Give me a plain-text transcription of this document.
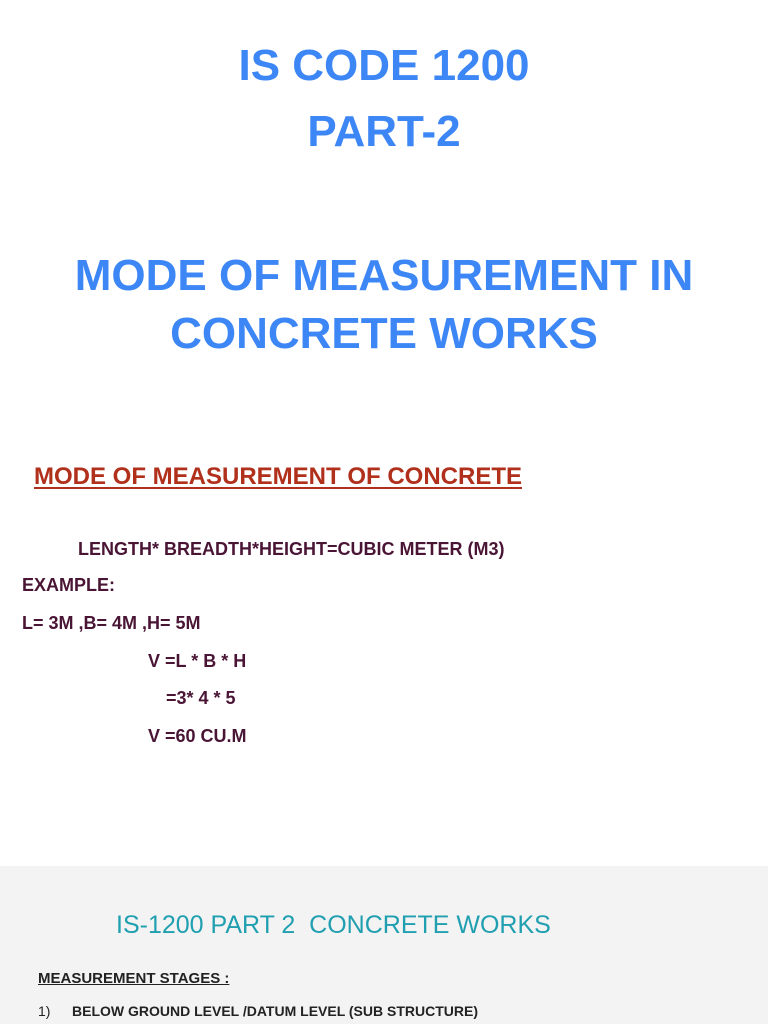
IS CODE 1200
PART-2
MODE OF MEASUREMENT IN
CONCRETE WORKS
MODE OF MEASUREMENT OF CONCRETE

LENGTH* BREADTH*HEIGHT=CUBIC METER (M3)

EXAMPLE:

L= 3M ,B= 4M ,H= 5M

V =L * B * H

=3* 4 * 5

V =60 CU.M

IS-1200 PART 2  CONCRETE WORKS

MEASUREMENT STAGES :

1) BELOW GROUND LEVEL /DATUM LEVEL (SUB STRUCTURE)
